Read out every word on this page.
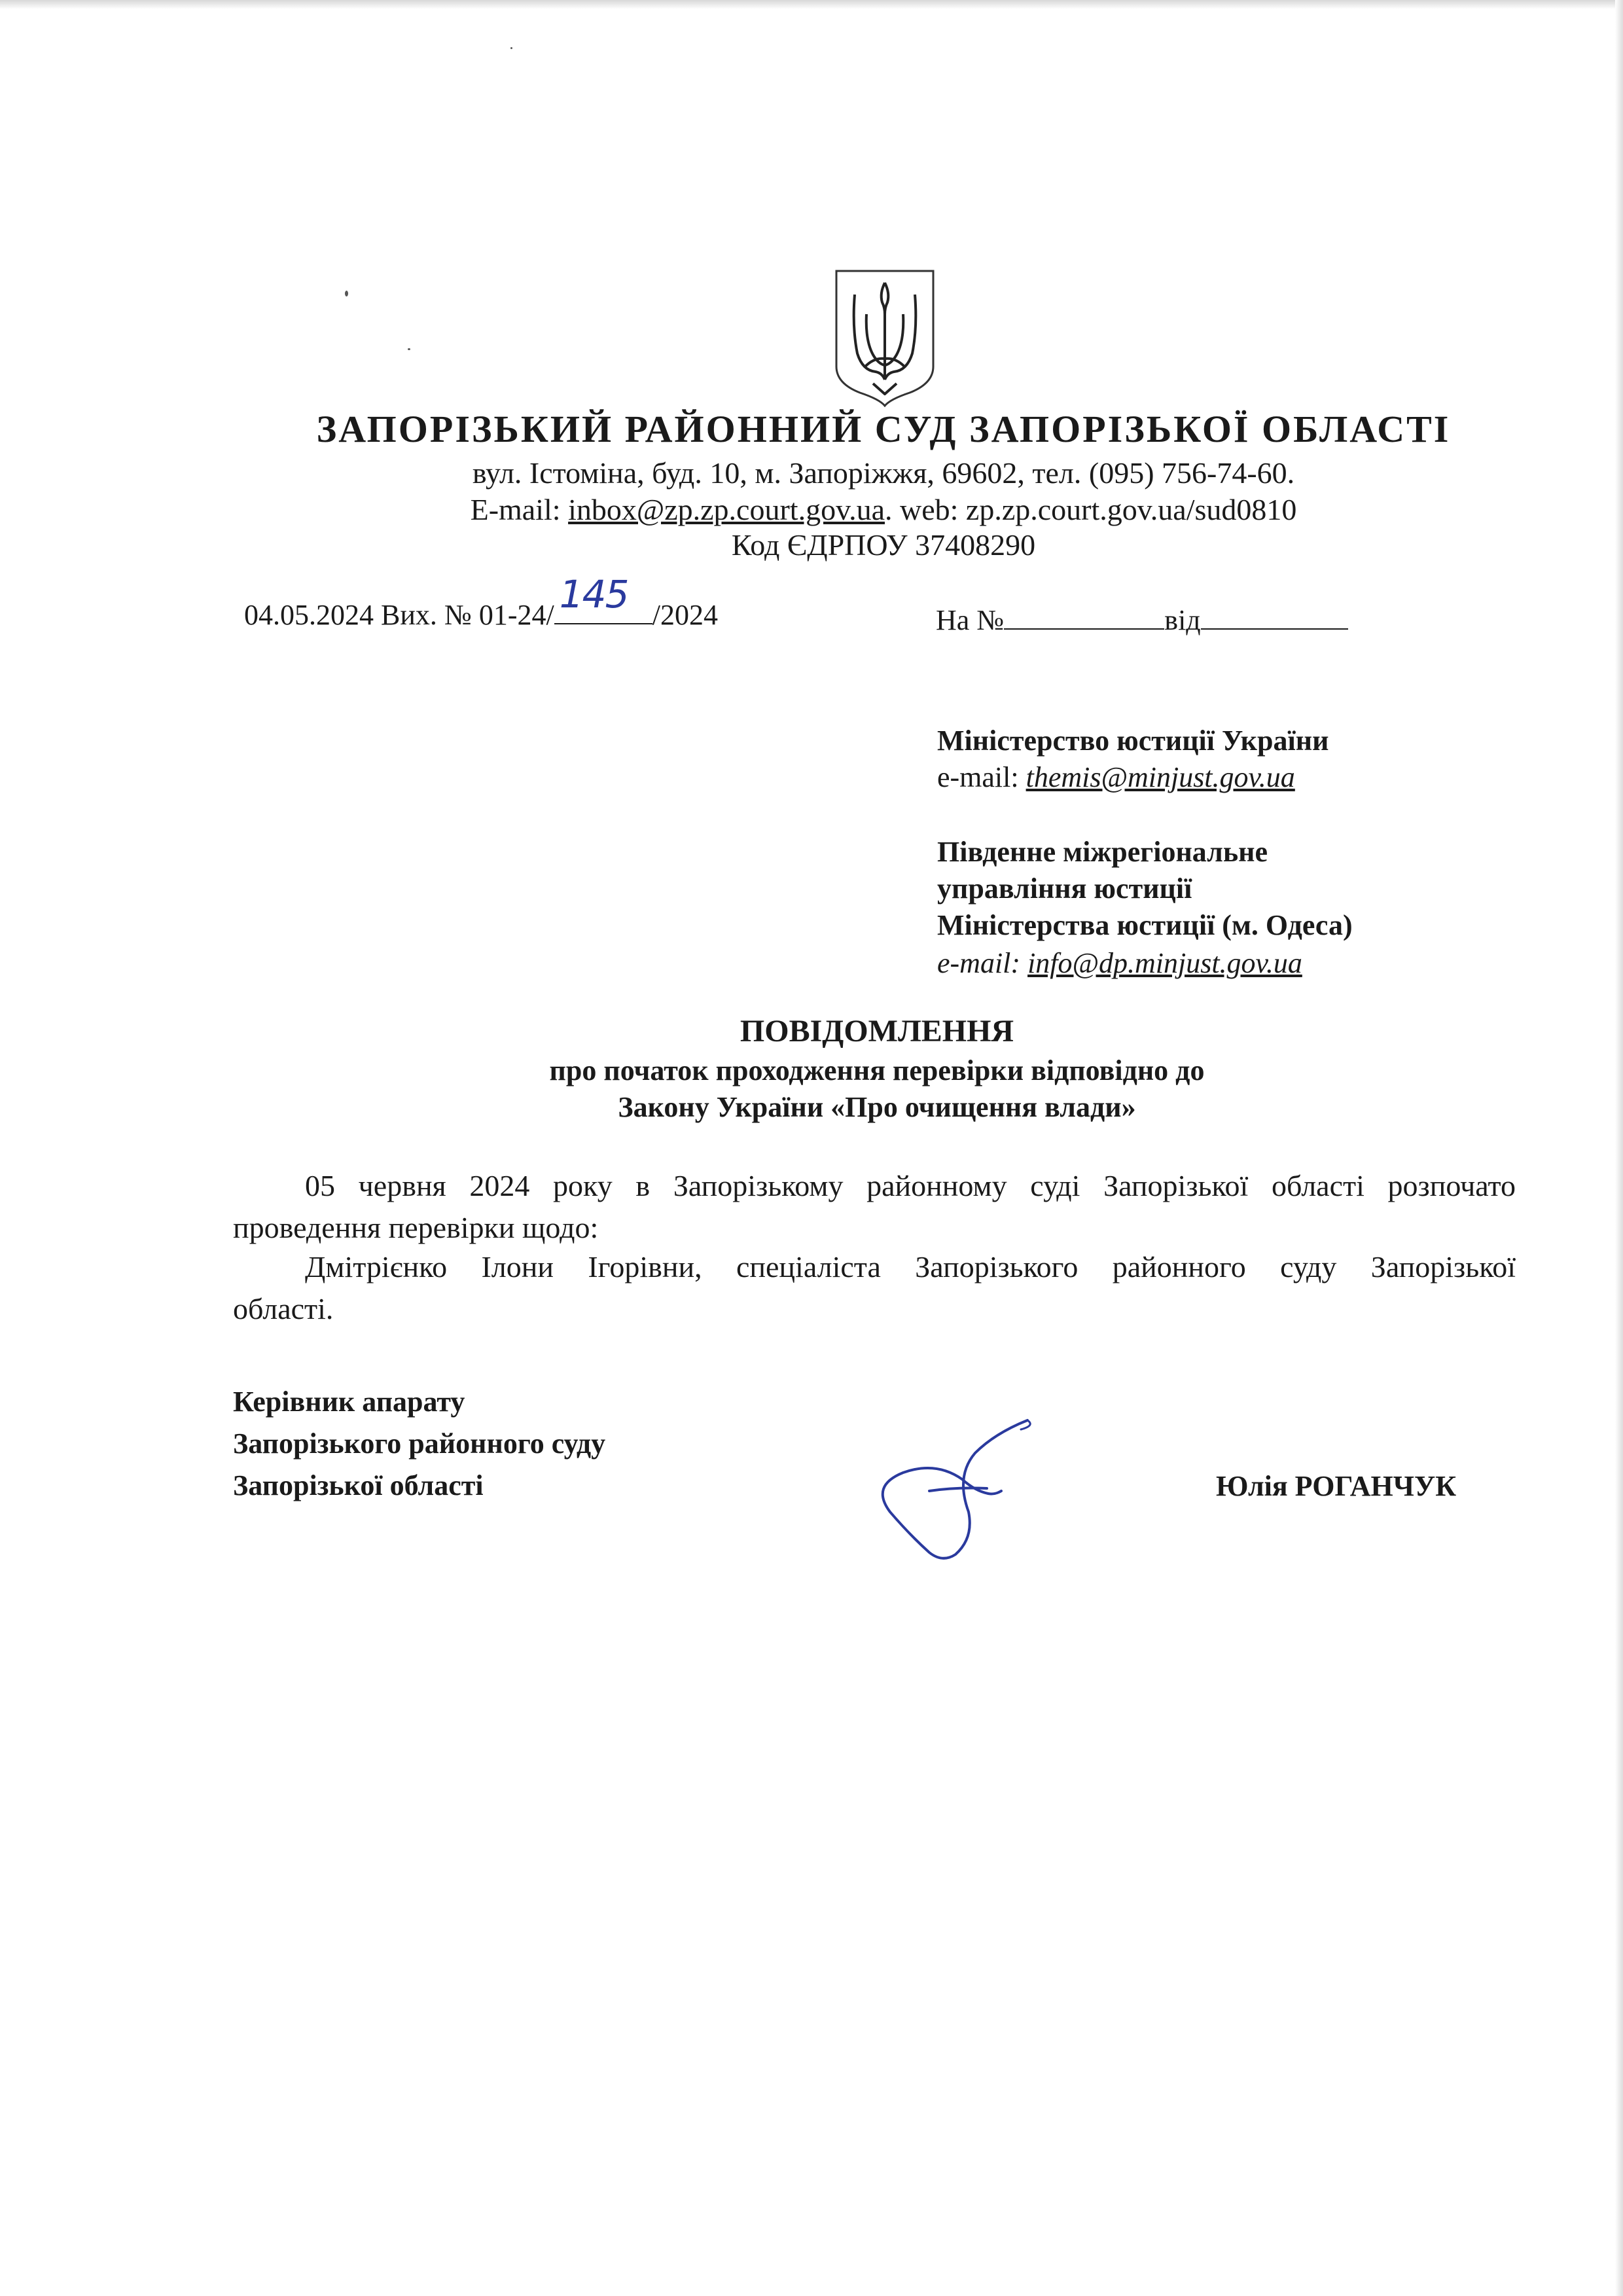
ЗАПОРІЗЬКИЙ РАЙОННИЙ СУД ЗАПОРІЗЬКОЇ ОБЛАСТІ
вул. Істоміна, буд. 10, м. Запоріжжя, 69602, тел. (095) 756-74-60.
E-mail: inbox@zp.zp.court.gov.ua. web: zp.zp.court.gov.ua/sud0810
Код ЄДРПОУ 37408290
04.05.2024 Вих. № 01-24/ 145 /2024	На №	від
Міністерство юстиції України
e-mail: themis@minjust.gov.ua
Південне міжрегіональне
управління юстиції
Міністерства юстиції (м. Одеса)
e-mail: info@dp.minjust.gov.ua
ПОВІДОМЛЕННЯ
про початок проходження перевірки відповідно до
Закону України «Про очищення влади»
05 червня 2024 року в Запорізькому районному суді Запорізької області розпочато
проведення перевірки щодо:
Дмітрієнко Ілони Ігорівни, спеціаліста Запорізького районного суду Запорізької
області.
Керівник апарату
Запорізького районного суду
Запорізької області	Юлія РОГАНЧУК
